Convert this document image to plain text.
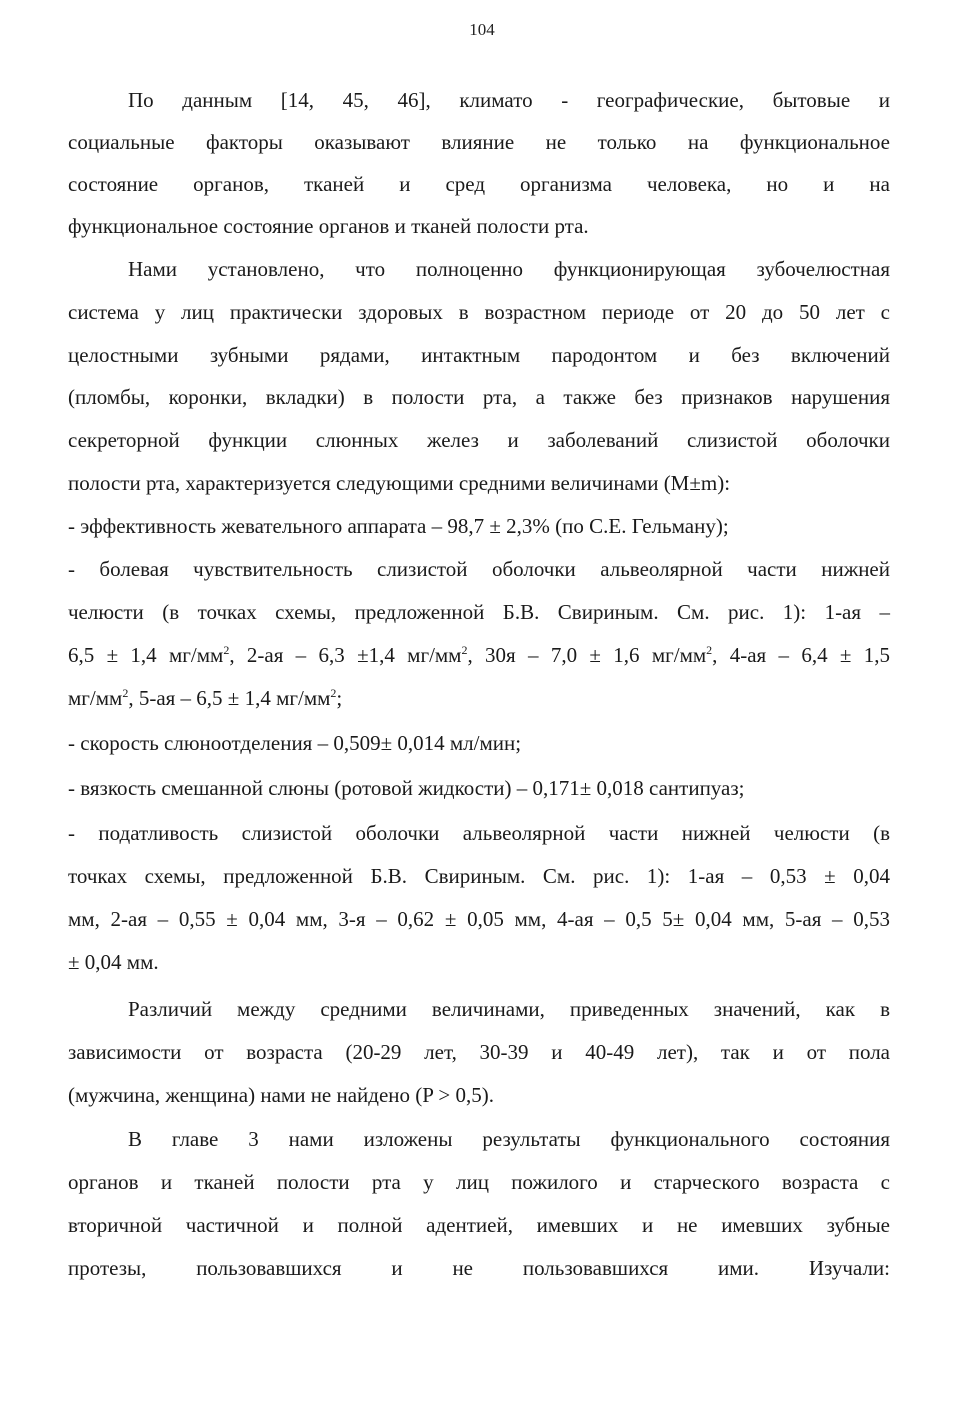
104

По данным [14, 45, 46], климато - географические, бытовые и

социальные факторы оказывают влияние не только на функциональное

состояние органов, тканей и сред организма человека, но и на

функциональное состояние органов и тканей полости рта.

Нами установлено, что полноценно функционирующая зубочелюстная

система у лиц практически здоровых в возрастном периоде от 20 до 50 лет с

целостными зубными рядами, интактным пародонтом и без включений

(пломбы, коронки, вкладки) в полости рта, а также без признаков нарушения

секреторной функции слюнных желез и заболеваний слизистой оболочки

полости рта, характеризуется следующими средними величинами (M±m):

- эффективность жевательного аппарата – 98,7 ± 2,3% (по С.Е. Гельману);

- болевая чувствительность слизистой оболочки альвеолярной части нижней

челюсти (в точках схемы, предложенной Б.В. Свириным. См. рис. 1): 1-ая –

6,5 ± 1,4 $мг/мм^2$, 2-ая – 6,3 ±1,4 $мг/мм^2$, 30я – 7,0 ± 1,6 $мг/мм^2$, 4-ая – 6,4 ± 1,5

$мг/мм^2$, 5-ая – 6,5 ± 1,4 $мг/мм^2$;

- скорость слюноотделения – 0,509± 0,014 мл/мин;

- вязкость смешанной слюны (ротовой жидкости) – 0,171± 0,018 сантипуаз;

- податливость слизистой оболочки альвеолярной части нижней челюсти (в

точках схемы, предложенной Б.В. Свириным. См. рис. 1): 1-ая – 0,53 ± 0,04

мм, 2-ая – 0,55 ± 0,04 мм, 3-я – 0,62 ± 0,05 мм, 4-ая – 0,5 5± 0,04 мм, 5-ая – 0,53

± 0,04 мм.

Различий между средними величинами, приведенных значений, как в

зависимости от возраста (20-29 лет, 30-39 и 40-49 лет), так и от пола

(мужчина, женщина) нами не найдено (P > 0,5).

В главе 3 нами изложены результаты функционального состояния

органов и тканей полости рта у лиц пожилого и старческого возраста с

вторичной частичной и полной адентией, имевших и не имевших зубные

протезы, пользовавшихся и не пользовавшихся ими. Изучали:
